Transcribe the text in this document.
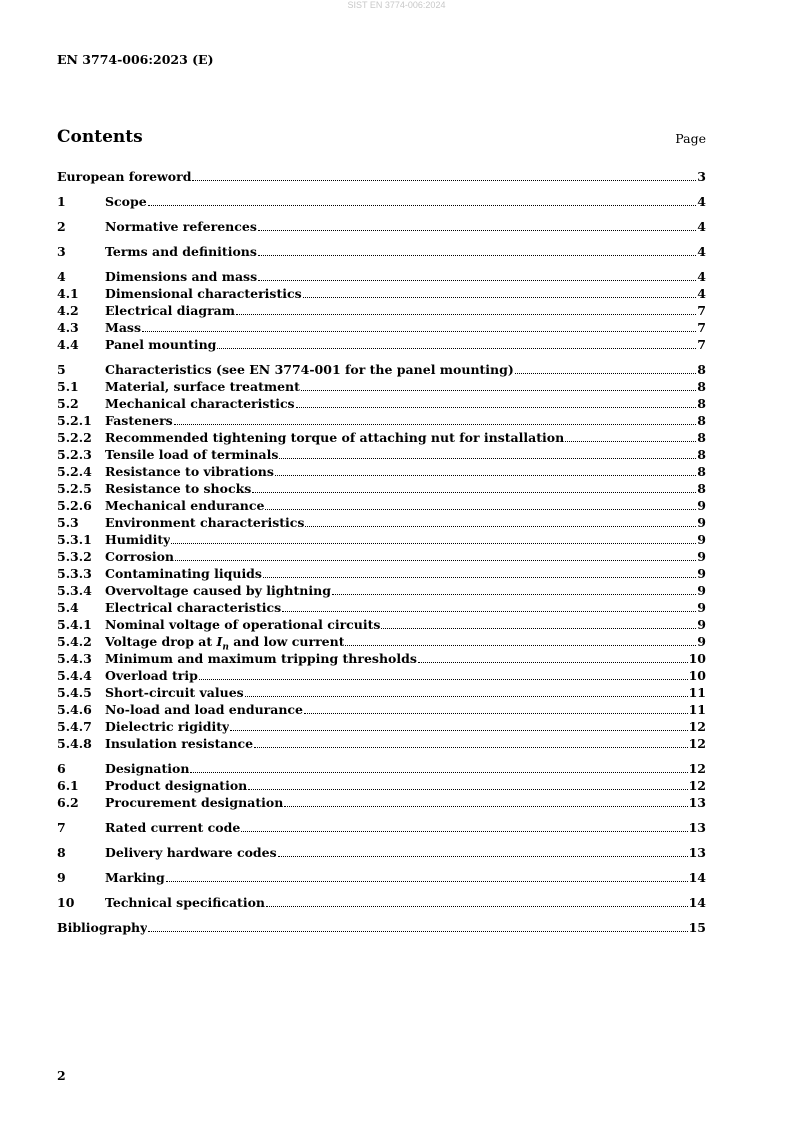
SIST EN 3774-006:2024
EN 3774-006:2023 (E)
Contents	Page
European foreword	3
1	Scope	4
2	Normative references	4
3	Terms and definitions	4
4	Dimensions and mass	4
4.1	Dimensional characteristics	4
4.2	Electrical diagram	7
4.3	Mass	7
4.4	Panel mounting	7
5	Characteristics (see EN 3774-001 for the panel mounting)	8
5.1	Material, surface treatment	8
5.2	Mechanical characteristics	8
5.2.1	Fasteners	8
5.2.2	Recommended tightening torque of attaching nut for installation	8
5.2.3	Tensile load of terminals	8
5.2.4	Resistance to vibrations	8
5.2.5	Resistance to shocks	8
5.2.6	Mechanical endurance	9
5.3	Environment characteristics	9
5.3.1	Humidity	9
5.3.2	Corrosion	9
5.3.3	Contaminating liquids	9
5.3.4	Overvoltage caused by lightning	9
5.4	Electrical characteristics	9
5.4.1	Nominal voltage of operational circuits	9
5.4.2	Voltage drop at $I_n$ and low current	9
5.4.3	Minimum and maximum tripping thresholds	10
5.4.4	Overload trip	10
5.4.5	Short-circuit values	11
5.4.6	No-load and load endurance	11
5.4.7	Dielectric rigidity	12
5.4.8	Insulation resistance	12
6	Designation	12
6.1	Product designation	12
6.2	Procurement designation	13
7	Rated current code	13
8	Delivery hardware codes	13
9	Marking	14
10	Technical specification	14
Bibliography	15
2
